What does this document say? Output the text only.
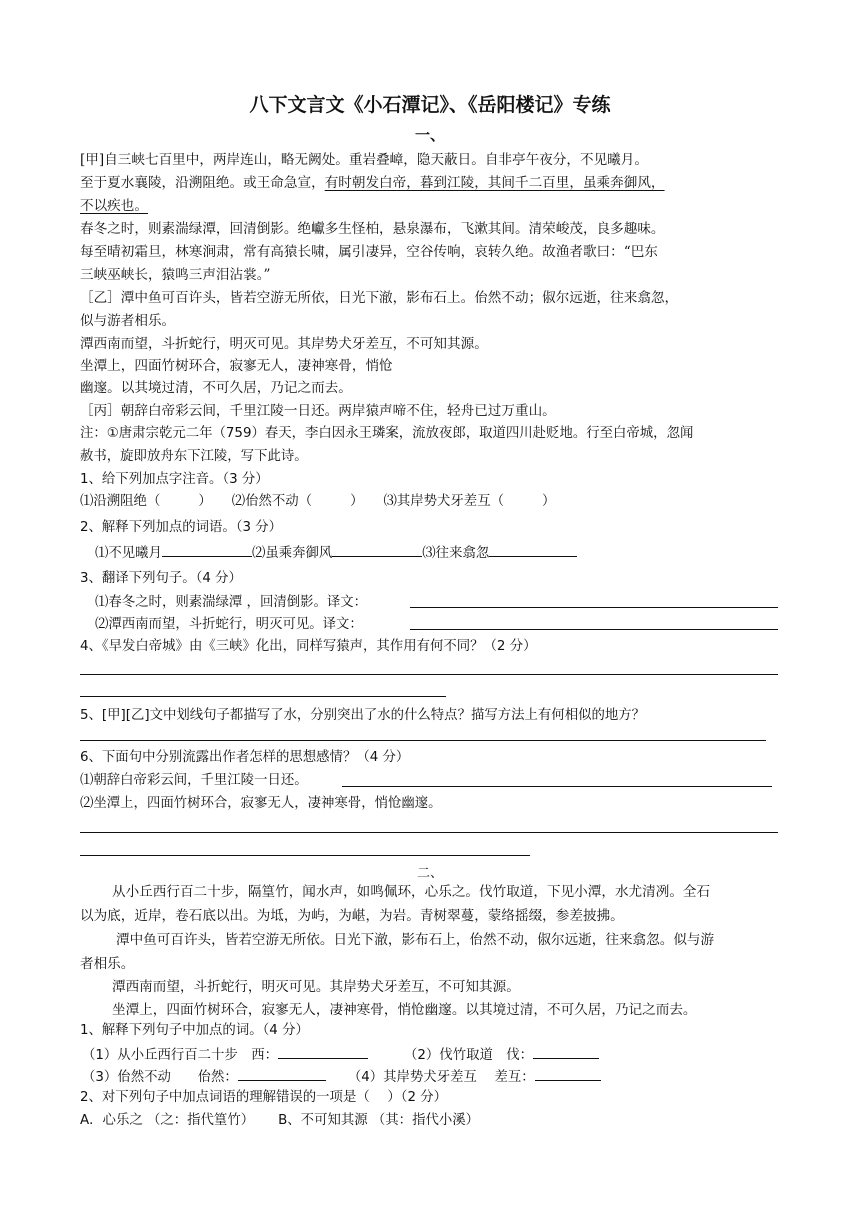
八下文言文《小石潭记》、《岳阳楼记》专练
一、
[甲]自三峡七百里中，两岸连山，略无阙处。重岩叠嶂，隐天蔽日。自非亭午夜分，不见曦月。
至于夏水襄陵，沿溯阻绝。或王命急宣，有时朝发白帝，暮到江陵，其间千二百里，虽乘奔御风，
不以疾也。
春冬之时，则素湍绿潭，回清倒影。绝巘多生怪柏，悬泉瀑布，飞漱其间。清荣峻茂，良多趣味。
每至晴初霜旦，林寒涧肃，常有高猿长啸，属引凄异，空谷传响，哀转久绝。故渔者歌曰：“巴东
三峡巫峡长，猿鸣三声泪沾裳。”
［乙］潭中鱼可百许头，皆若空游无所依，日光下澈，影布石上。佁然不动；俶尔远逝，往来翕忽，
似与游者相乐。
潭西南而望，斗折蛇行，明灭可见。其岸势犬牙差互，不可知其源。
坐潭上，四面竹树环合，寂寥无人，凄神寒骨，悄怆
幽邃。以其境过清，不可久居，乃记之而去。
［丙］朝辞白帝彩云间，千里江陵一日还。两岸猿声啼不住，轻舟已过万重山。
注：①唐肃宗乾元二年（759）春天，李白因永王璘案，流放夜郎，取道四川赴贬地。行至白帝城，忽闻
赦书，旋即放舟东下江陵，写下此诗。
1、给下列加点字注音。（3 分）
⑴沿溯阻绝（	） ⑵佁然不动（	） ⑶其岸势犬牙差互（	）
2、解释下列加点的词语。（3 分）
⑴不见曦月	⑵虽乘奔御风	⑶往来翕忽
3、翻译下列句子。（4 分）
⑴春冬之时，则素湍绿潭 ，回清倒影。译文：
⑵潭西南而望，斗折蛇行，明灭可见。译文：
4、《早发白帝城》由《三峡》化出，同样写猿声，其作用有何不同？（2 分）
5、[甲][乙]文中划线句子都描写了水，分别突出了水的什么特点？描写方法上有何相似的地方？
6、下面句中分别流露出作者怎样的思想感情？（4 分）
⑴朝辞白帝彩云间，千里江陵一日还。
⑵坐潭上，四面竹树环合，寂寥无人，凄神寒骨，悄怆幽邃。
二、
从小丘西行百二十步，隔篁竹，闻水声，如鸣佩环，心乐之。伐竹取道，下见小潭，水尤清冽。全石
以为底，近岸，卷石底以出。为坻，为屿，为嵁，为岩。青树翠蔓，蒙络摇缀，参差披拂。
潭中鱼可百许头，皆若空游无所依。日光下澈，影布石上，佁然不动，俶尔远逝，往来翕忽。似与游
者相乐。
潭西南而望，斗折蛇行，明灭可见。其岸势犬牙差互，不可知其源。
坐潭上，四面竹树环合，寂寥无人，凄神寒骨，悄怆幽邃。以其境过清，不可久居，乃记之而去。
1、解释下列句子中加点的词。（4 分）
（1）从小丘西行百二十步　西：	（2）伐竹取道　伐：
（3）佁然不动　　佁然：	（4）其岸势犬牙差互　 差互：
2、对下列句子中加点词语的理解错误的一项是（　 ）（2 分）
A．心乐之 （之：指代篁竹） B、不可知其源 （其：指代小溪）
